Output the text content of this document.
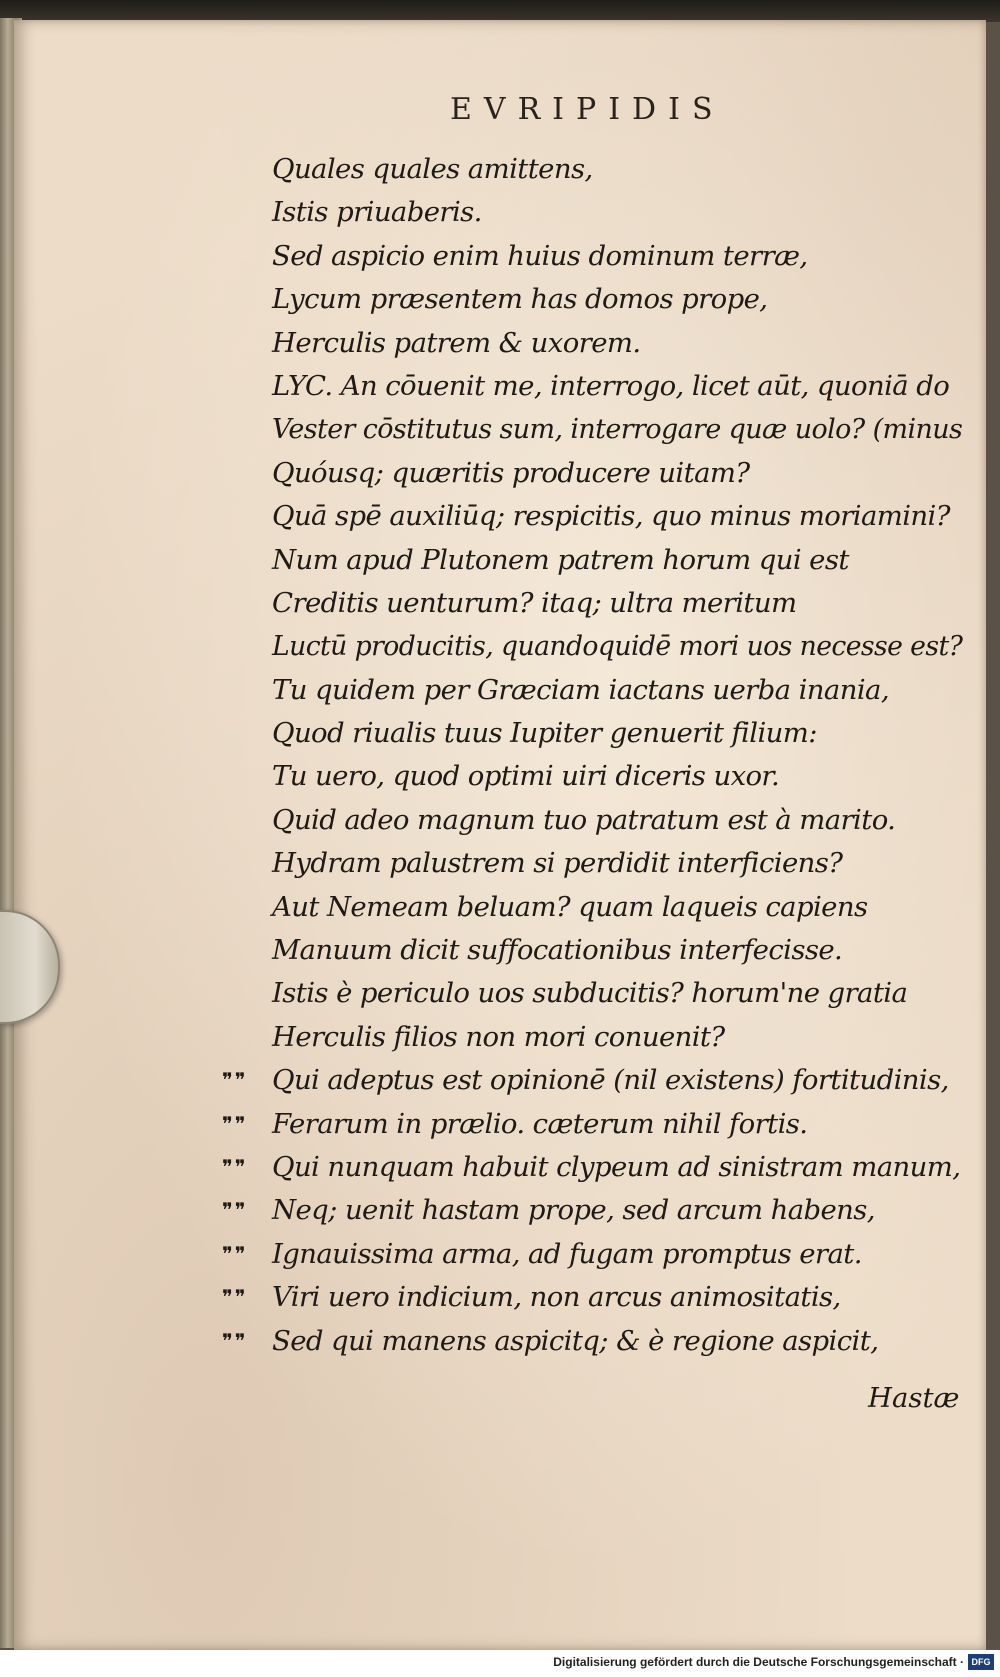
EVRIPIDIS
Quales quales amittens,
Istis priuaberis.
Sed aspicio enim huius dominum terræ,
Lycum præsentem has domos prope,
Herculis patrem & uxorem.
LYC. An cōuenit me, interrogo, licet aūt, quoniā do
Vester cōstitutus sum, interrogare quæ uolo? (minus
Quóusq; quæritis producere uitam?
Quā spē auxiliūq; respicitis, quo minus moriamini?
Num apud Plutonem patrem horum qui est
Creditis uenturum? itaq; ultra meritum
Luctū producitis, quandoquidē mori uos necesse est?
Tu quidem per Græciam iactans uerba inania,
Quod riualis tuus Iupiter genuerit filium:
Tu uero, quod optimi uiri diceris uxor.
Quid adeo magnum tuo patratum est à marito.
Hydram palustrem si perdidit interficiens?
Aut Nemeam beluam? quam laqueis capiens
Manuum dicit suffocationibus interfecisse.
Istis è periculo uos subducitis? horum'ne gratia
Herculis filios non mori conuenit?
❞❞ Qui adeptus est opinionē (nil existens) fortitudinis,
❞❞ Ferarum in prælio. cæterum nihil fortis.
❞❞ Qui nunquam habuit clypeum ad sinistram manum,
❞❞ Neq; uenit hastam prope, sed arcum habens,
❞❞ Ignauissima arma, ad fugam promptus erat.
❞❞ Viri uero indicium, non arcus animositatis,
❞❞ Sed qui manens aspicitq; & è regione aspicit,
Hastæ
Digitalisierung gefördert durch die Deutsche Forschungsgemeinschaft · DFG
